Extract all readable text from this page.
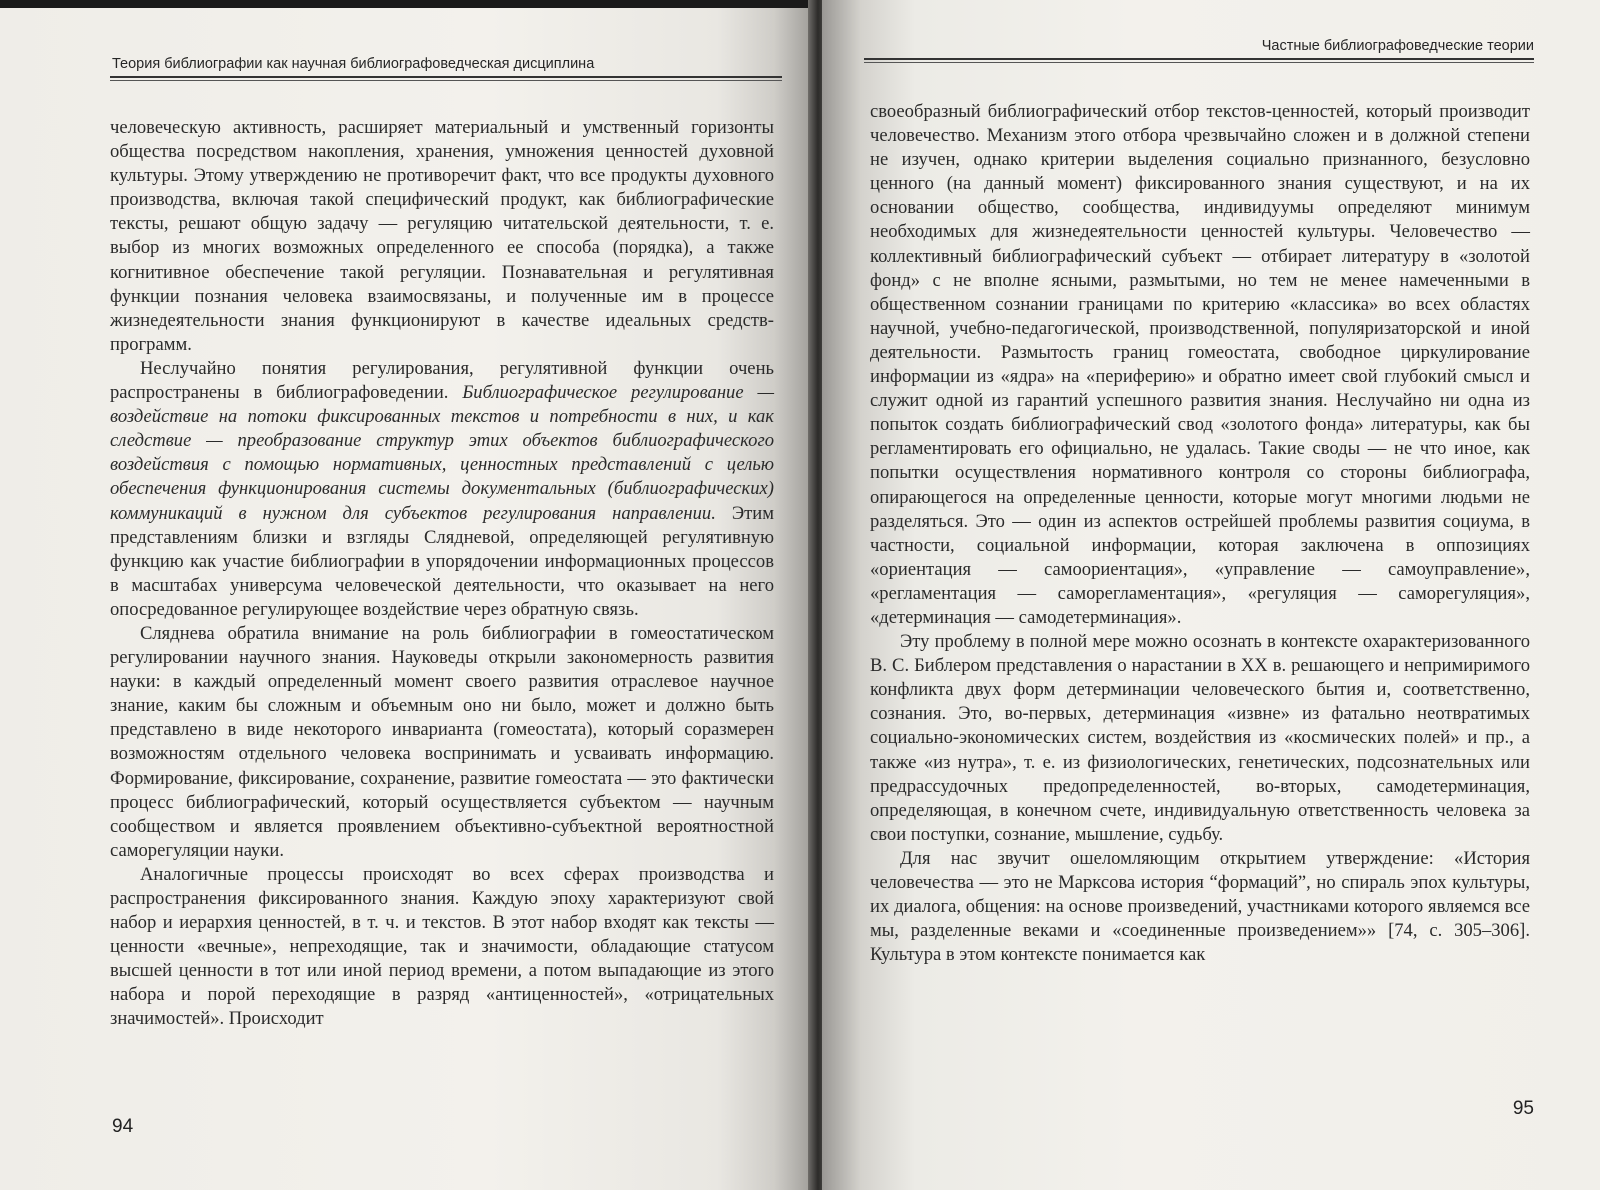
Теория библиографии как научная библиографоведческая дисциплина

человеческую активность, расширяет материальный и умственный горизонты общества посредством накопления, хранения, умножения ценностей духовной культуры. Этому утверждению не противоречит факт, что все продукты духовного производства, включая такой специфический продукт, как библиографические тексты, решают общую задачу — регуляцию читательской деятельности, т. е. выбор из многих возможных определенного ее способа (порядка), а также когнитивное обеспечение такой регуляции. Познавательная и регулятивная функции познания человека взаимосвязаны, и полученные им в процессе жизнедеятельности знания функционируют в качестве идеальных средств-программ.

Неслучайно понятия регулирования, регулятивной функции очень распространены в библиографоведении. Библиографическое регулирование — воздействие на потоки фиксированных текстов и потребности в них, и как следствие — преобразование структур этих объектов библиографического воздействия с помощью нормативных, ценностных представлений с целью обеспечения функционирования системы документальных (библиографических) коммуникаций в нужном для субъектов регулирования направлении. Этим представлениям близки и взгляды Слядневой, определяющей регулятивную функцию как участие библиографии в упорядочении информационных процессов в масштабах универсума человеческой деятельности, что оказывает на него опосредованное регулирующее воздействие через обратную связь.

Сляднева обратила внимание на роль библиографии в гомеостатическом регулировании научного знания. Науковеды открыли закономерность развития науки: в каждый определенный момент своего развития отраслевое научное знание, каким бы сложным и объемным оно ни было, может и должно быть представлено в виде некоторого инварианта (гомеостата), который соразмерен возможностям отдельного человека воспринимать и усваивать информацию. Формирование, фиксирование, сохранение, развитие гомеостата — это фактически процесс библиографический, который осуществляется субъектом — научным сообществом и является проявлением объективно-субъектной вероятностной саморегуляции науки.

Аналогичные процессы происходят во всех сферах производства и распространения фиксированного знания. Каждую эпоху характеризуют свой набор и иерархия ценностей, в т. ч. и текстов. В этот набор входят как тексты — ценности «вечные», непреходящие, так и значимости, обладающие статусом высшей ценности в тот или иной период времени, а потом выпадающие из этого набора и порой переходящие в разряд «антиценностей», «отрицательных значимостей». Происходит

94
Частные библиографоведческие теории

своеобразный библиографический отбор текстов-ценностей, который производит человечество. Механизм этого отбора чрезвычайно сложен и в должной степени не изучен, однако критерии выделения социально признанного, безусловно ценного (на данный момент) фиксированного знания существуют, и на их основании общество, сообщества, индивидуумы определяют минимум необходимых для жизнедеятельности ценностей культуры. Человечество — коллективный библиографический субъект — отбирает литературу в «золотой фонд» с не вполне ясными, размытыми, но тем не менее намеченными в общественном сознании границами по критерию «классика» во всех областях научной, учебно-педагогической, производственной, популяризаторской и иной деятельности. Размытость границ гомеостата, свободное циркулирование информации из «ядра» на «периферию» и обратно имеет свой глубокий смысл и служит одной из гарантий успешного развития знания. Неслучайно ни одна из попыток создать библиографический свод «золотого фонда» литературы, как бы регламентировать его официально, не удалась. Такие своды — не что иное, как попытки осуществления нормативного контроля со стороны библиографа, опирающегося на определенные ценности, которые могут многими людьми не разделяться. Это — один из аспектов острейшей проблемы развития социума, в частности, социальной информации, которая заключена в оппозициях «ориентация — самоориентация», «управление — самоуправление», «регламентация — саморегламентация», «регуляция — саморегуляция», «детерминация — самодетерминация».

Эту проблему в полной мере можно осознать в контексте охарактеризованного В. С. Библером представления о нарастании в XX в. решающего и непримиримого конфликта двух форм детерминации человеческого бытия и, соответственно, сознания. Это, во-первых, детерминация «извне» из фатально неотвратимых социально-экономических систем, воздействия из «космических полей» и пр., а также «из нутра», т. е. из физиологических, генетических, подсознательных или предрассудочных предопределенностей, во-вторых, самодетерминация, определяющая, в конечном счете, индивидуальную ответственность человека за свои поступки, сознание, мышление, судьбу.

Для нас звучит ошеломляющим открытием утверждение: «История человечества — это не Марксова история “формаций”, но спираль эпох культуры, их диалога, общения: на основе произведений, участниками которого являемся все мы, разделенные веками и «соединенные произведением»» [74, с. 305–306]. Культура в этом контексте понимается как

95
